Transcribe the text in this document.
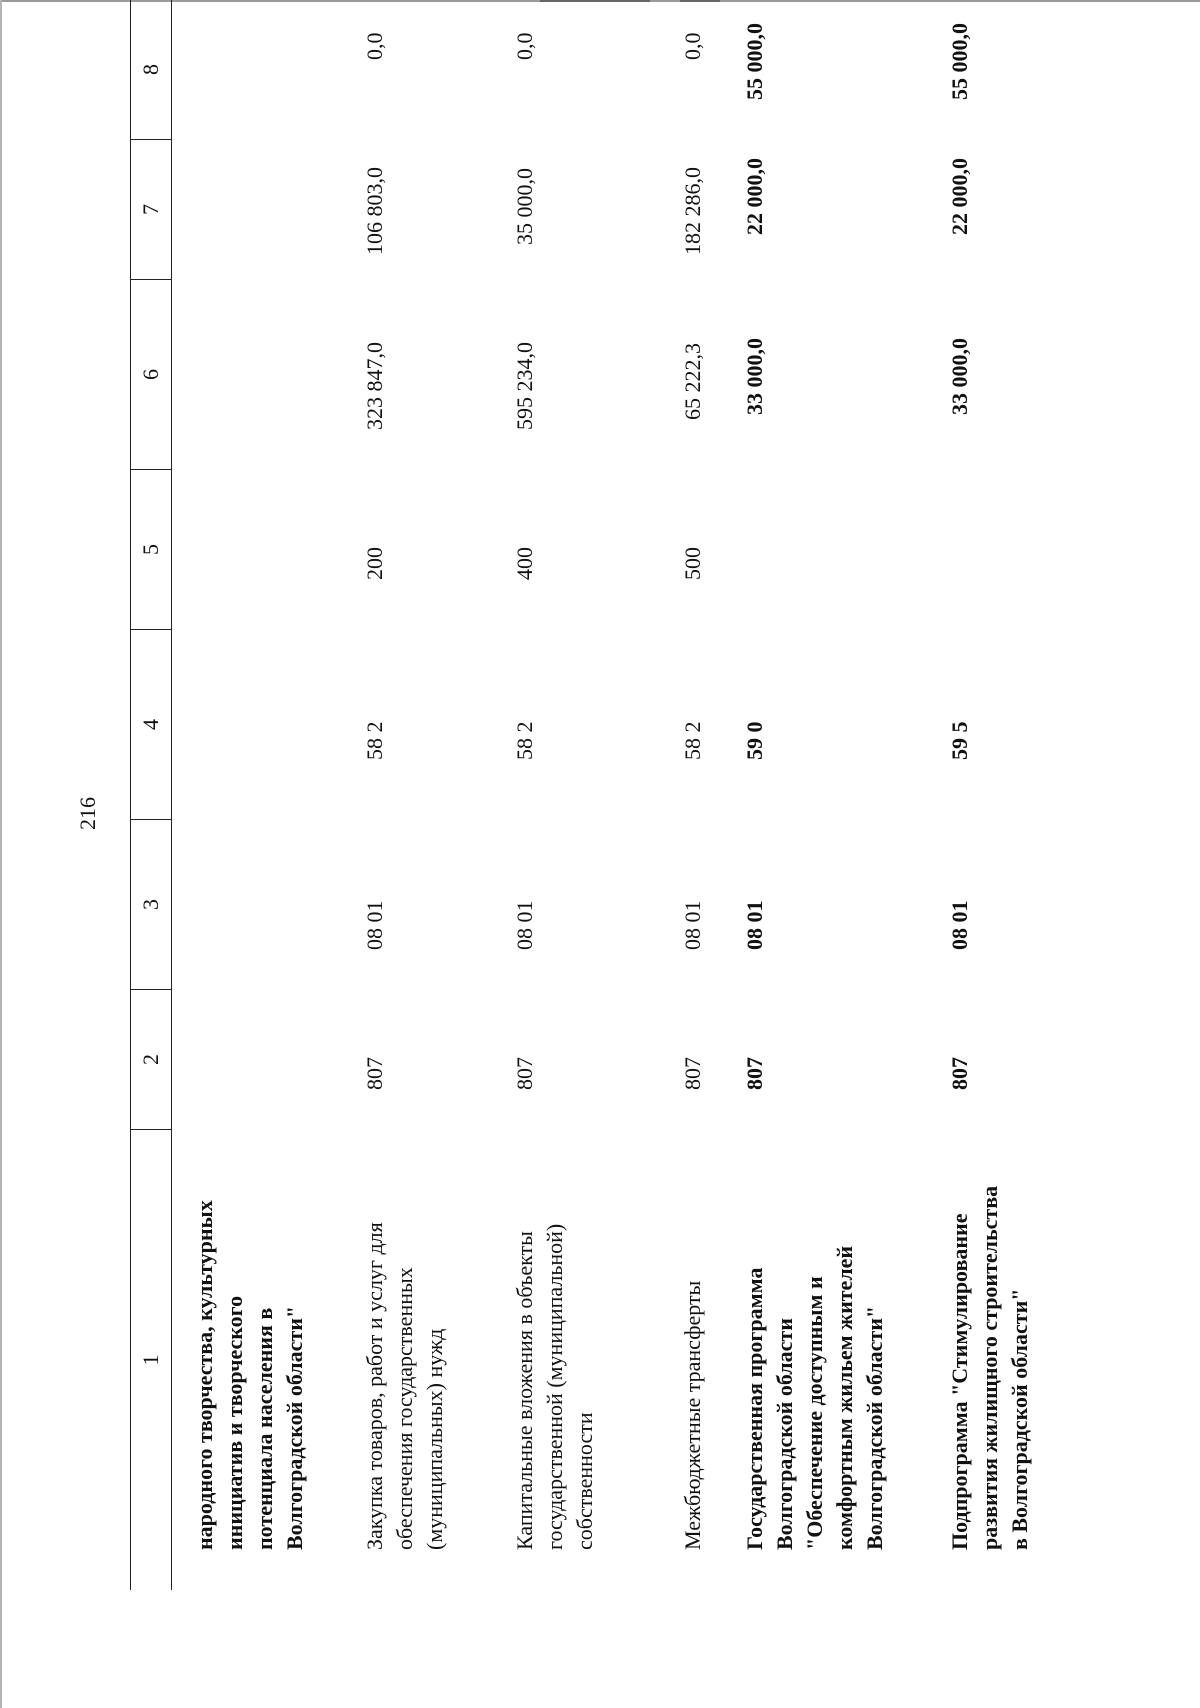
216
1
2
3
4
5
6
7
8
народного творчества, культурных инициатив и творческого потенциала населения в Волгоградской области"	Закупка товаров, работ и услуг для обеспечения государственных (муниципальных) нужд
807
08 01
58 2
200
323 847,0
106 803,0
0,0
Капитальные вложения в объекты государственной (муниципальной) собственности
807
08 01
58 2
400
595 234,0
35 000,0
0,0
Межбюджетные трансферты
807
08 01
58 2
500
65 222,3
182 286,0
0,0
Государственная программа Волгоградской области "Обеспечение доступным и комфортным жильем жителей Волгоградской области"
807
08 01
59 0
33 000,0
22 000,0
55 000,0
Подпрограмма "Стимулирование развития жилищного строительства в Волгоградской области"
807
08 01
59 5
33 000,0
22 000,0
55 000,0
